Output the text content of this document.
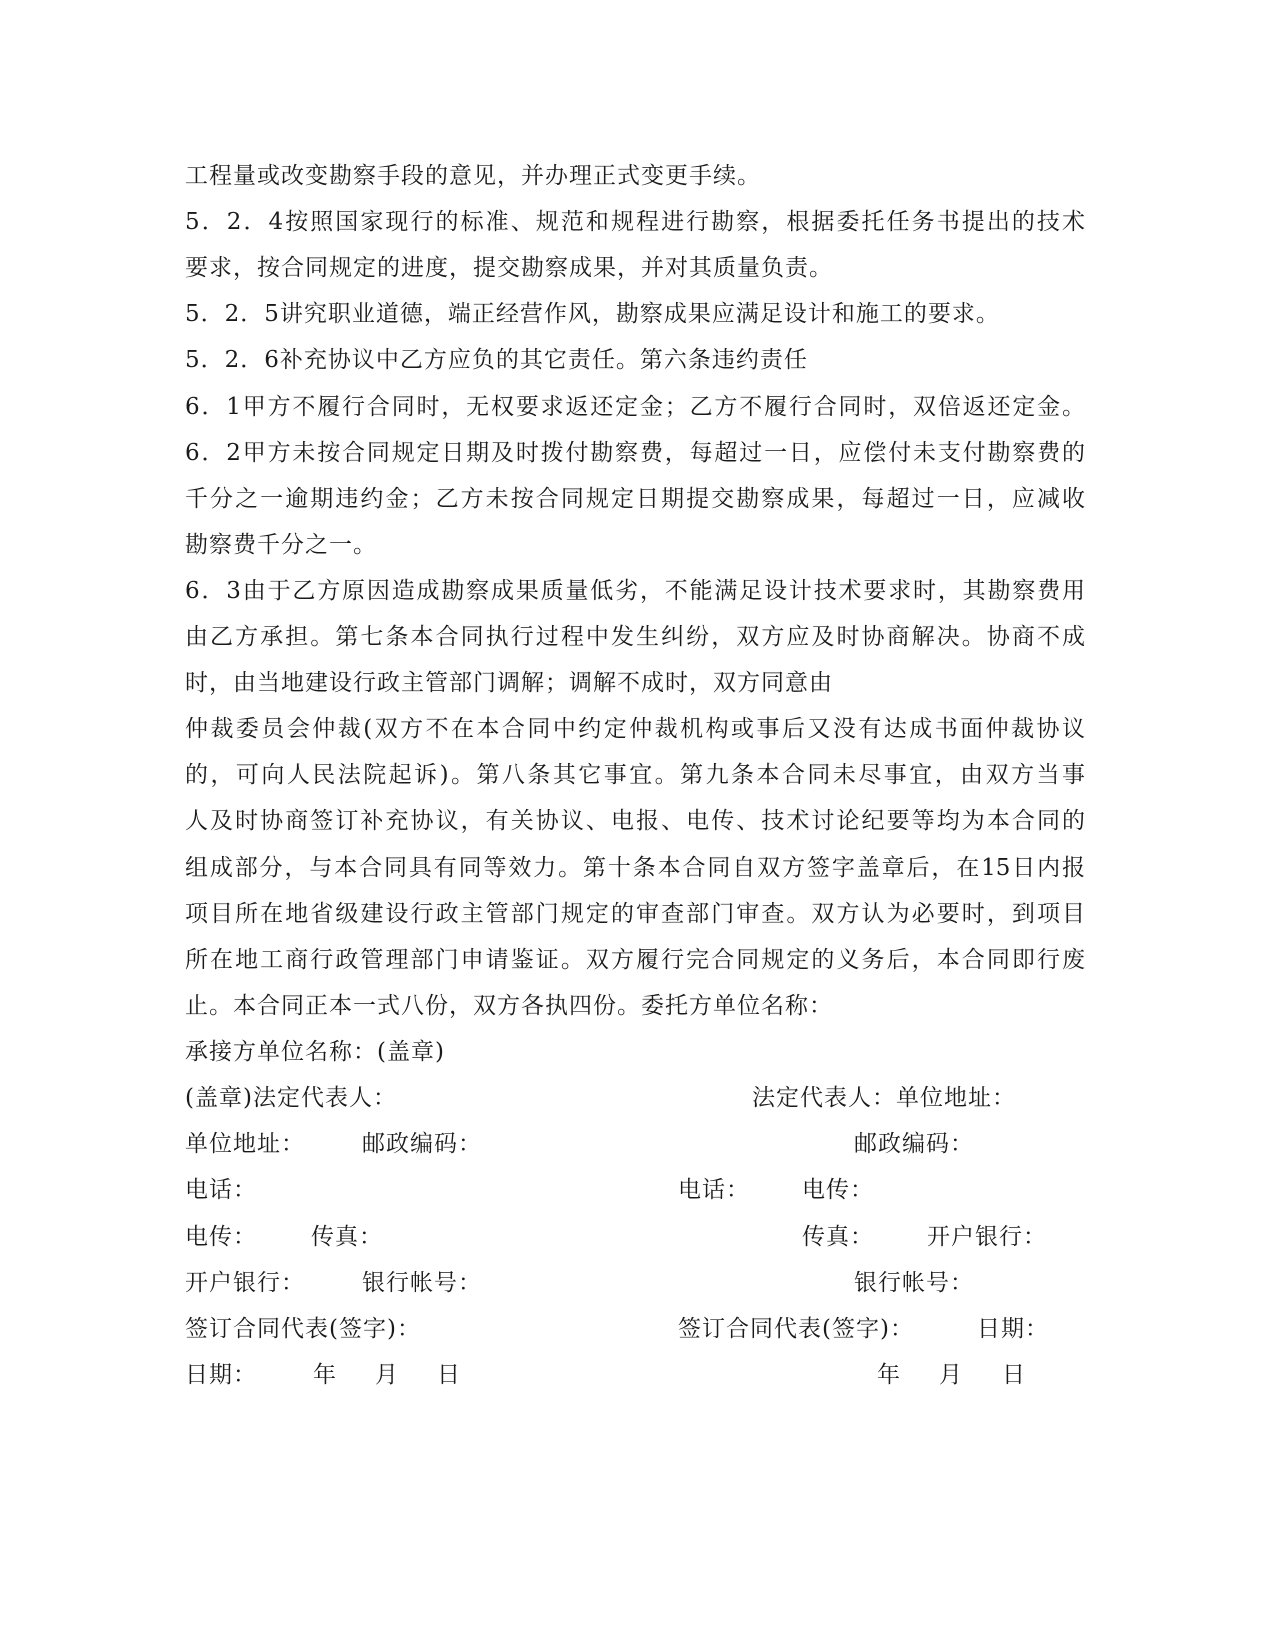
工程量或改变勘察手段的意见，并办理正式变更手续。
5．2．4按照国家现行的标准、规范和规程进行勘察，根据委托任务书提出的技术
要求，按合同规定的进度，提交勘察成果，并对其质量负责。
5．2．5讲究职业道德，端正经营作风，勘察成果应满足设计和施工的要求。
5．2．6补充协议中乙方应负的其它责任。第六条违约责任
6．1甲方不履行合同时，无权要求返还定金；乙方不履行合同时，双倍返还定金。
6．2甲方未按合同规定日期及时拨付勘察费，每超过一日，应偿付未支付勘察费的
千分之一逾期违约金；乙方未按合同规定日期提交勘察成果，每超过一日，应减收
勘察费千分之一。
6．3由于乙方原因造成勘察成果质量低劣，不能满足设计技术要求时，其勘察费用
由乙方承担。第七条本合同执行过程中发生纠纷，双方应及时协商解决。协商不成
时，由当地建设行政主管部门调解；调解不成时，双方同意由
仲裁委员会仲裁(双方不在本合同中约定仲裁机构或事后又没有达成书面仲裁协议
的，可向人民法院起诉)。第八条其它事宜。第九条本合同未尽事宜，由双方当事
人及时协商签订补充协议，有关协议、电报、电传、技术讨论纪要等均为本合同的
组成部分，与本合同具有同等效力。第十条本合同自双方签字盖章后，在15日内报
项目所在地省级建设行政主管部门规定的审查部门审查。双方认为必要时，到项目
所在地工商行政管理部门申请鉴证。双方履行完合同规定的义务后，本合同即行废
止。本合同正本一式八份，双方各执四份。委托方单位名称：
承接方单位名称：(盖章)
(盖章)法定代表人：	法定代表人：单位地址：
单位地址： 邮政编码：	邮政编码：
电话：	电话： 电传：
电传： 传真：	传真： 开户银行：
开户银行： 银行帐号：	银行帐号：
签订合同代表(签字)：	签订合同代表(签字)：	日期：
日期： 年 月 日	年 月 日
